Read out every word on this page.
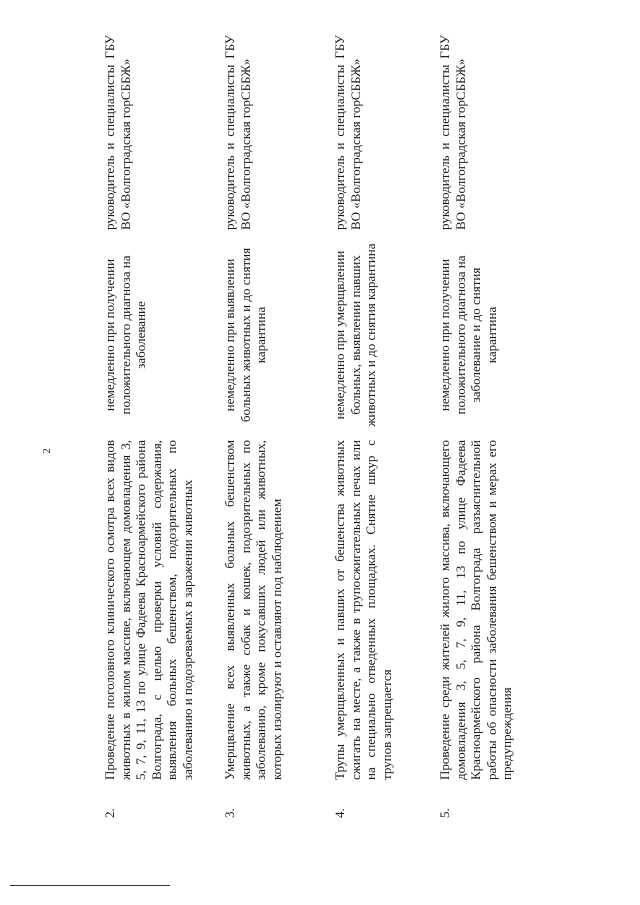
2
2.	Проведение поголовного клинического осмотра всех видов животных в жилом массиве, включающем домовладения 3, 5, 7, 9, 11, 13 по улице Фадеева Красноармейского района Волгограда, с целью проверки условий содержания, выявления больных бешенством, подозрительных по заболеванию и подозреваемых в заражении животных	немедленно при получении положительного диагноза на заболевание	руководитель и специалисты ГБУ ВО «Волгоградская горСББЖ»
3.	Умерщвление всех выявленных больных бешенством животных, а также собак и кошек, подозрительных по заболеванию, кроме покусавших людей или животных, которых изолируют и оставляют под наблюдением	немедленно при выявлении больных животных и до снятия карантина	руководитель и специалисты ГБУ ВО «Волгоградская горСББЖ»
4.	Трупы умерщвленных и павших от бешенства животных сжигать на месте, а также в трупосжигательных печах или на специально отведенных площадках. Снятие шкур с трупов запрещается	немедленно при умерщвлении больных, выявлении павших животных и до снятия карантина	руководитель и специалисты ГБУ ВО «Волгоградская горСББЖ»
5.	Проведение среди жителей жилого массива, включающего домовладения 3, 5, 7, 9, 11, 13 по улице Фадеева Красноармейского района Волгограда разъяснительной работы об опасности заболевания бешенством и мерах его предупреждения	немедленно при получении положительного диагноза на заболевание и до снятия карантина	руководитель и специалисты ГБУ ВО «Волгоградская горСББЖ»
